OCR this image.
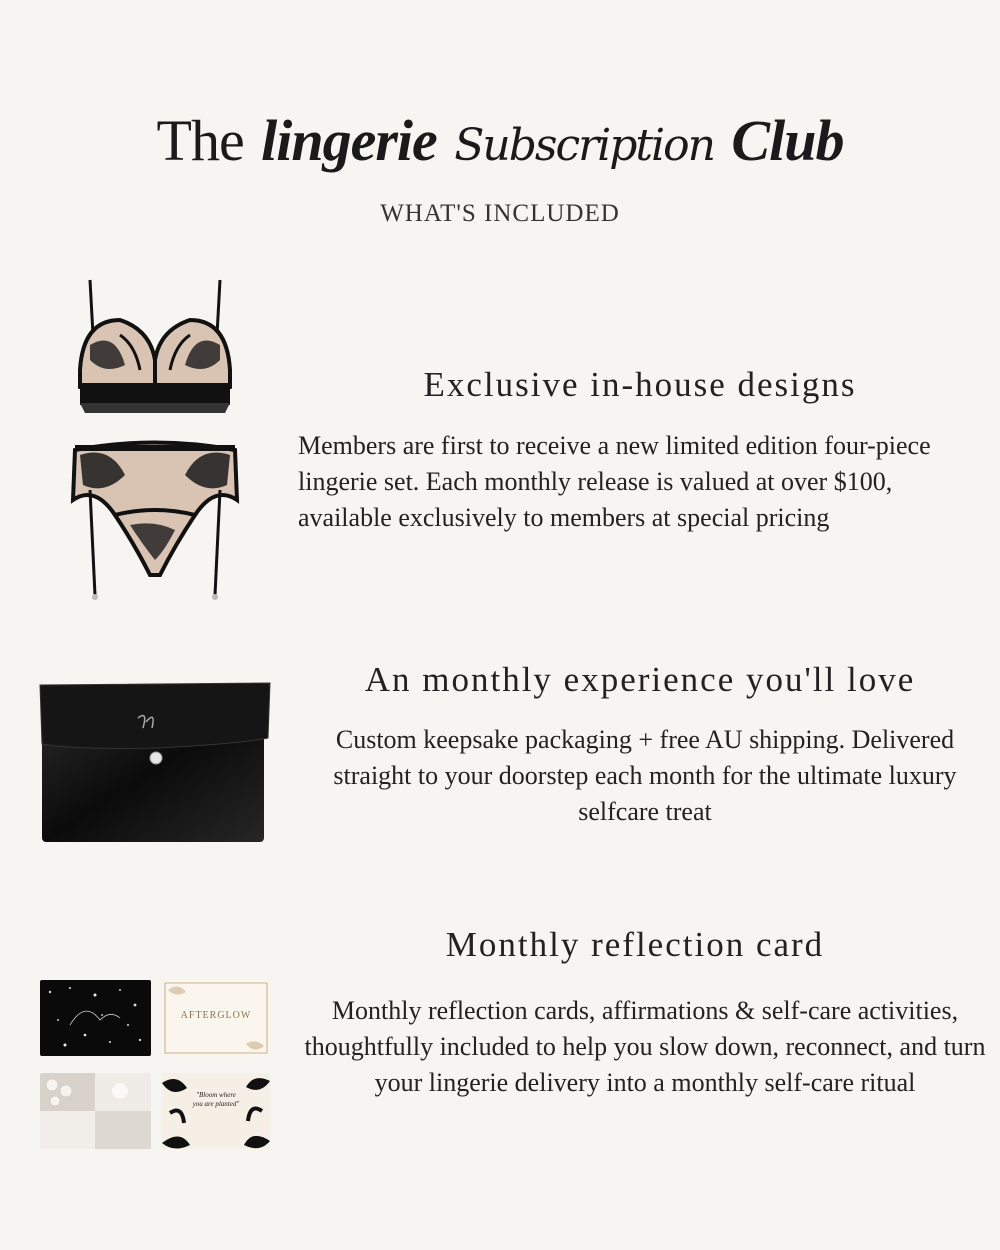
The lingerie Subscription Club
WHAT'S INCLUDED
Exclusive in-house designs
Members are first to receive a new limited edition four-piece lingerie set. Each monthly release is valued at over $100, available exclusively to members at special pricing
An monthly experience you'll love
Custom keepsake packaging + free AU shipping. Delivered straight to your doorstep each month for the ultimate luxury selfcare treat
AFTERGLOW
"Bloom where you are planted"
Monthly reflection card
Monthly reflection cards, affirmations & self-care activities, thoughtfully included to help you slow down, reconnect, and turn your lingerie delivery into a monthly self-care ritual
